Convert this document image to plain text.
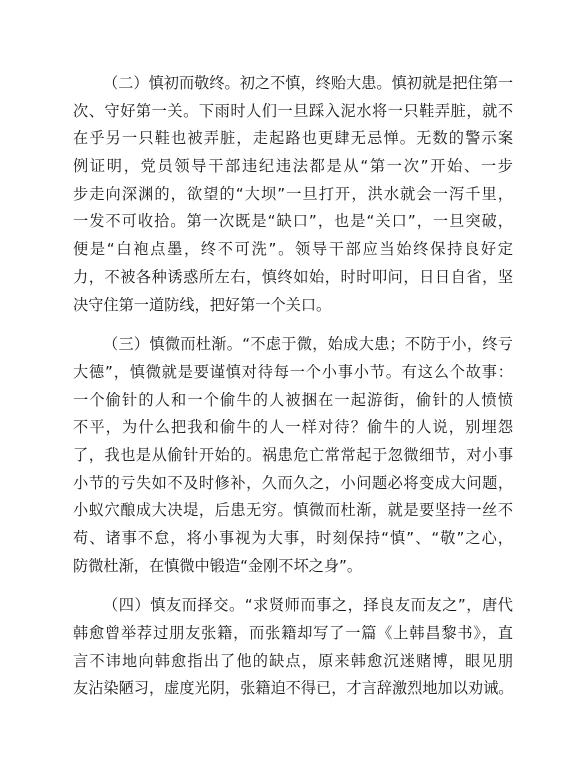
（二）慎初而敬终。初之不慎，终贻大患。慎初就是把住第一
次、守好第一关。下雨时人们一旦踩入泥水将一只鞋弄脏，就不
在乎另一只鞋也被弄脏，走起路也更肆无忌惮。无数的警示案
例证明，党员领导干部违纪违法都是从“第一次”开始、一步
步走向深渊的，欲望的“大坝”一旦打开，洪水就会一泻千里，
一发不可收拾。第一次既是“缺口”，也是“关口”，一旦突破，
便是“白袍点墨，终不可洗”。领导干部应当始终保持良好定
力，不被各种诱惑所左右，慎终如始，时时叩问，日日自省，坚
决守住第一道防线，把好第一个关口。
（三）慎微而杜渐。“不虑于微，始成大患；不防于小，终亏
大德”，慎微就是要谨慎对待每一个小事小节。有这么个故事：
一个偷针的人和一个偷牛的人被捆在一起游街，偷针的人愤愤
不平，为什么把我和偷牛的人一样对待？偷牛的人说，别埋怨
了，我也是从偷针开始的。祸患危亡常常起于忽微细节，对小事
小节的亏失如不及时修补，久而久之，小问题必将变成大问题，
小蚁穴酿成大决堤，后患无穷。慎微而杜渐，就是要坚持一丝不
苟、诸事不怠，将小事视为大事，时刻保持“慎”、“敬”之心，
防微杜渐，在慎微中锻造“金刚不坏之身”。
（四）慎友而择交。“求贤师而事之，择良友而友之”，唐代
韩愈曾举荐过朋友张籍，而张籍却写了一篇《上韩昌黎书》，直
言不讳地向韩愈指出了他的缺点，原来韩愈沉迷赌博，眼见朋
友沾染陋习，虚度光阴，张籍迫不得已，才言辞激烈地加以劝诫。
